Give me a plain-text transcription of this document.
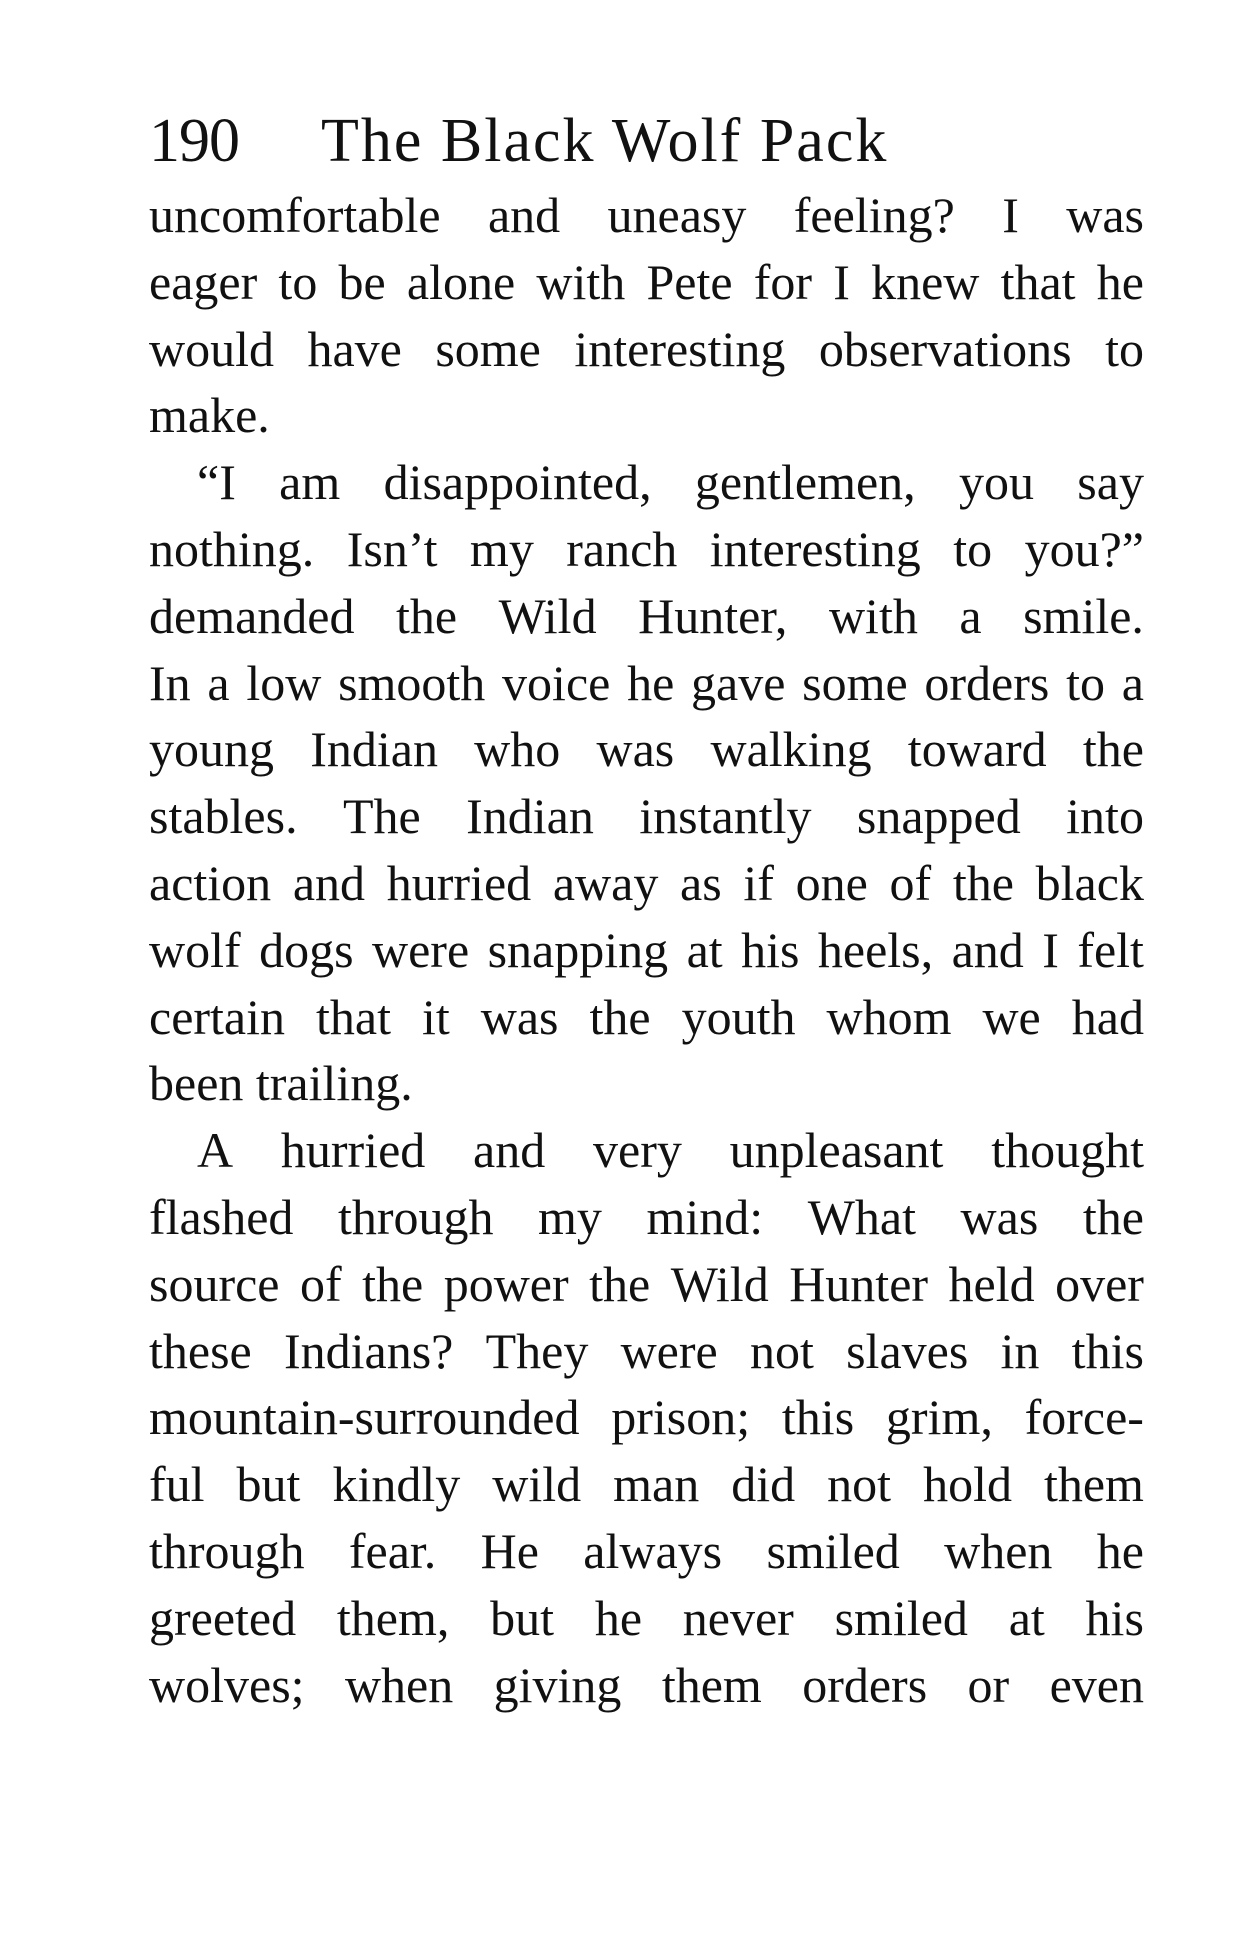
190	The Black Wolf Pack
uncomfortable and uneasy feeling? I was
eager to be alone with Pete for I knew that he
would have some interesting observations to
make.
“I am disappointed, gentlemen, you say
nothing. Isn’t my ranch interesting to you?”
demanded the Wild Hunter, with a smile.
In a low smooth voice he gave some orders to a
young Indian who was walking toward the
stables. The Indian instantly snapped into
action and hurried away as if one of the black
wolf dogs were snapping at his heels, and I felt
certain that it was the youth whom we had
been trailing.
A hurried and very unpleasant thought
flashed through my mind: What was the
source of the power the Wild Hunter held over
these Indians? They were not slaves in this
mountain-surrounded prison; this grim, force-
ful but kindly wild man did not hold them
through fear. He always smiled when he
greeted them, but he never smiled at his
wolves; when giving them orders or even
